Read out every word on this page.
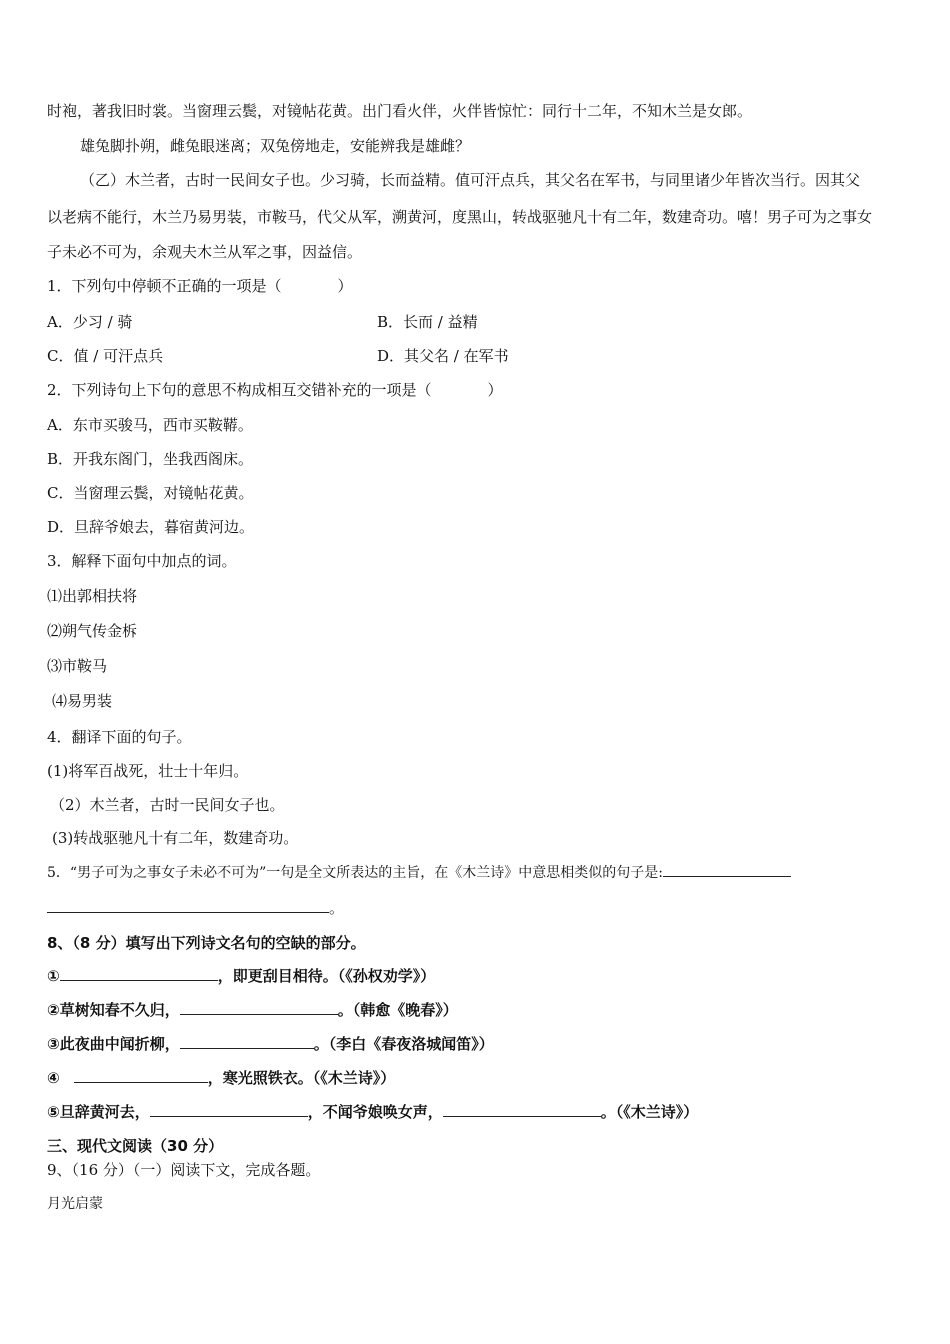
时袍，著我旧时裳。当窗理云鬓，对镜帖花黄。出门看火伴，火伴皆惊忙：同行十二年，不知木兰是女郎。
雄兔脚扑朔，雌兔眼迷离；双兔傍地走，安能辨我是雄雌？
（乙）木兰者，古时一民间女子也。少习骑，长而益精。值可汗点兵，其父名在军书，与同里诸少年皆次当行。因其父
以老病不能行，木兰乃易男装，市鞍马，代父从军，溯黄河，度黑山，转战驱驰凡十有二年，数建奇功。嘻！男子可为之事女
子未必不可为，余观夫木兰从军之事，因益信。
1．下列句中停顿不正确的一项是（	）
A．少习 / 骑	B．长而 / 益精
C．值 / 可汗点兵	D．其父名 / 在军书
2．下列诗句上下句的意思不构成相互交错补充的一项是（	）
A．东市买骏马，西市买鞍鞯。
B．开我东阁门，坐我西阁床。
C．当窗理云鬓，对镜帖花黄。
D．旦辞爷娘去，暮宿黄河边。
3．解释下面句中加点的词。
⑴出郭相扶将
⑵朔气传金柝
⑶市鞍马
⑷易男装
4．翻译下面的句子。
(1)将军百战死，壮士十年归。
（2）木兰者，古时一民间女子也。
(3)转战驱驰凡十有二年，数建奇功。
5．“男子可为之事女子未必不可为”一句是全文所表达的主旨，在《木兰诗》中意思相类似的句子是:
。
8、（8 分）填写出下列诗文名句的空缺的部分。
①	，即更刮目相待。（《孙权劝学》）
②草树知春不久归，	。（韩愈《晚春》）
③此夜曲中闻折柳，	。（李白《春夜洛城闻笛》）
④	，寒光照铁衣。（《木兰诗》）
⑤旦辞黄河去，	，不闻爷娘唤女声，	。（《木兰诗》）
三、现代文阅读（30 分）
9、（16 分）（一）阅读下文，完成各题。
月光启蒙
